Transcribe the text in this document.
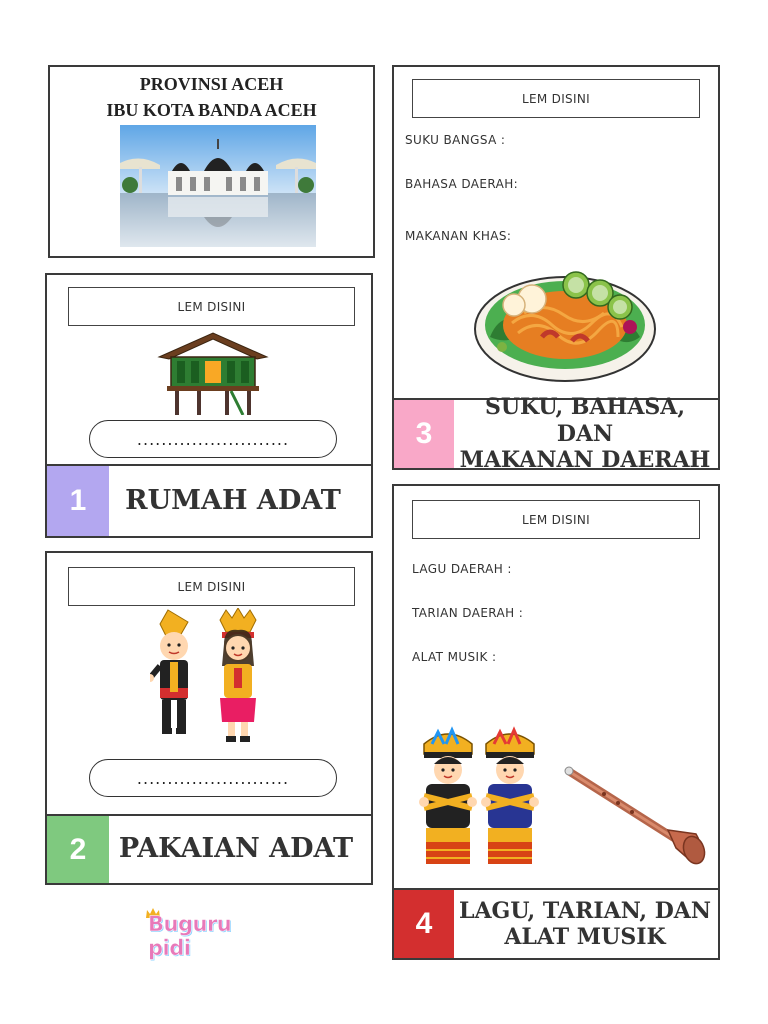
PROVINSI ACEH
IBU KOTA BANDA ACEH
LEM DISINI
.........................
1	RUMAH ADAT
LEM DISINI
.........................
2	PAKAIAN ADAT
LEM DISINI
SUKU BANGSA :
BAHASA DAERAH:
MAKANAN KHAS:
3
SUKU, BAHASA, DAN
MAKANAN DAERAH
LEM DISINI
LAGU DAERAH :
TARIAN DAERAH :
ALAT MUSIK :
4	LAGU, TARIAN, DAN
ALAT MUSIK
Buguru pidi
